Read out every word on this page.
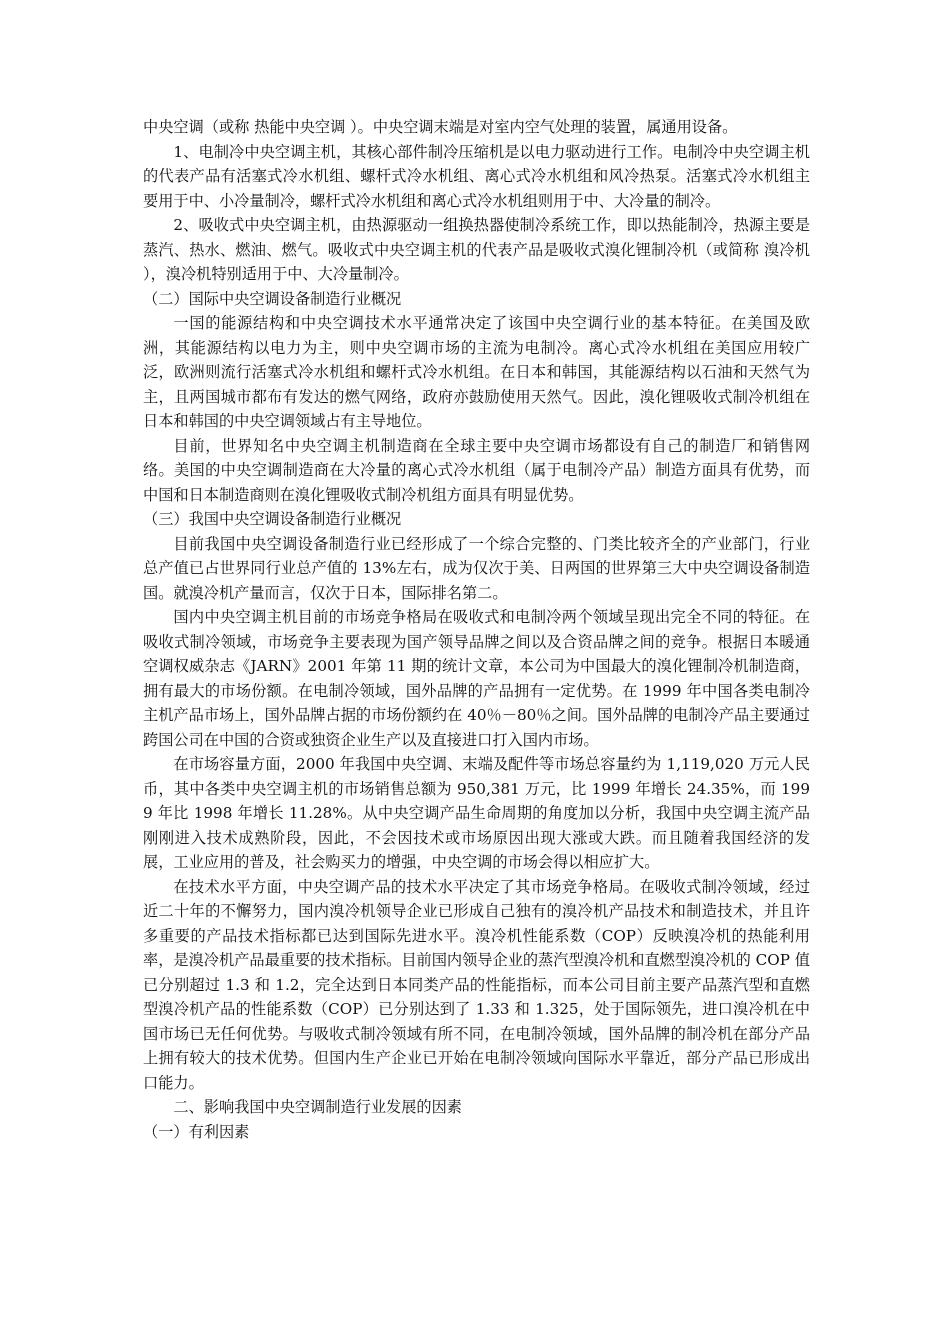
中央空调（或称 热能中央空调 ）。中央空调末端是对室内空气处理的装置，属通用设备。

1、电制冷中央空调主机，其核心部件制冷压缩机是以电力驱动进行工作。电制冷中央空调主机的代表产品有活塞式冷水机组、螺杆式冷水机组、离心式冷水机组和风冷热泵。活塞式冷水机组主要用于中、小冷量制冷，螺杆式冷水机组和离心式冷水机组则用于中、大冷量的制冷。

2、吸收式中央空调主机，由热源驱动一组换热器使制冷系统工作，即以热能制冷，热源主要是蒸汽、热水、燃油、燃气。吸收式中央空调主机的代表产品是吸收式溴化锂制冷机（或简称 溴冷机 ），溴冷机特别适用于中、大冷量制冷。

（二）国际中央空调设备制造行业概况

一国的能源结构和中央空调技术水平通常决定了该国中央空调行业的基本特征。在美国及欧洲，其能源结构以电力为主，则中央空调市场的主流为电制冷。离心式冷水机组在美国应用较广泛，欧洲则流行活塞式冷水机组和螺杆式冷水机组。在日本和韩国，其能源结构以石油和天然气为主，且两国城市都布有发达的燃气网络，政府亦鼓励使用天然气。因此，溴化锂吸收式制冷机组在日本和韩国的中央空调领域占有主导地位。

目前，世界知名中央空调主机制造商在全球主要中央空调市场都设有自己的制造厂和销售网络。美国的中央空调制造商在大冷量的离心式冷水机组（属于电制冷产品）制造方面具有优势，而中国和日本制造商则在溴化锂吸收式制冷机组方面具有明显优势。

（三）我国中央空调设备制造行业概况

目前我国中央空调设备制造行业已经形成了一个综合完整的、门类比较齐全的产业部门，行业总产值已占世界同行业总产值的 13%左右，成为仅次于美、日两国的世界第三大中央空调设备制造国。就溴冷机产量而言，仅次于日本，国际排名第二。

国内中央空调主机目前的市场竞争格局在吸收式和电制冷两个领域呈现出完全不同的特征。在吸收式制冷领域，市场竞争主要表现为国产领导品牌之间以及合资品牌之间的竞争。根据日本暖通空调权威杂志《JARN》2001 年第 11 期的统计文章，本公司为中国最大的溴化锂制冷机制造商，拥有最大的市场份额。在电制冷领域，国外品牌的产品拥有一定优势。在 1999 年中国各类电制冷主机产品市场上，国外品牌占据的市场份额约在 40％－80％之间。国外品牌的电制冷产品主要通过跨国公司在中国的合资或独资企业生产以及直接进口打入国内市场。

在市场容量方面，2000 年我国中央空调、末端及配件等市场总容量约为 1,119,020 万元人民币，其中各类中央空调主机的市场销售总额为 950,381 万元，比 1999 年增长 24.35%，而 1999 年比 1998 年增长 11.28%。从中央空调产品生命周期的角度加以分析，我国中央空调主流产品刚刚进入技术成熟阶段，因此，不会因技术或市场原因出现大涨或大跌。而且随着我国经济的发展，工业应用的普及，社会购买力的增强，中央空调的市场会得以相应扩大。

在技术水平方面，中央空调产品的技术水平决定了其市场竞争格局。在吸收式制冷领域，经过近二十年的不懈努力，国内溴冷机领导企业已形成自己独有的溴冷机产品技术和制造技术，并且许多重要的产品技术指标都已达到国际先进水平。溴冷机性能系数（COP）反映溴冷机的热能利用率，是溴冷机产品最重要的技术指标。目前国内领导企业的蒸汽型溴冷机和直燃型溴冷机的 COP 值已分别超过 1.3 和 1.2，完全达到日本同类产品的性能指标，而本公司目前主要产品蒸汽型和直燃型溴冷机产品的性能系数（COP）已分别达到了 1.33 和 1.325，处于国际领先，进口溴冷机在中国市场已无任何优势。与吸收式制冷领域有所不同，在电制冷领域，国外品牌的制冷机在部分产品上拥有较大的技术优势。但国内生产企业已开始在电制冷领域向国际水平靠近，部分产品已形成出口能力。

二、影响我国中央空调制造行业发展的因素

（一）有利因素
